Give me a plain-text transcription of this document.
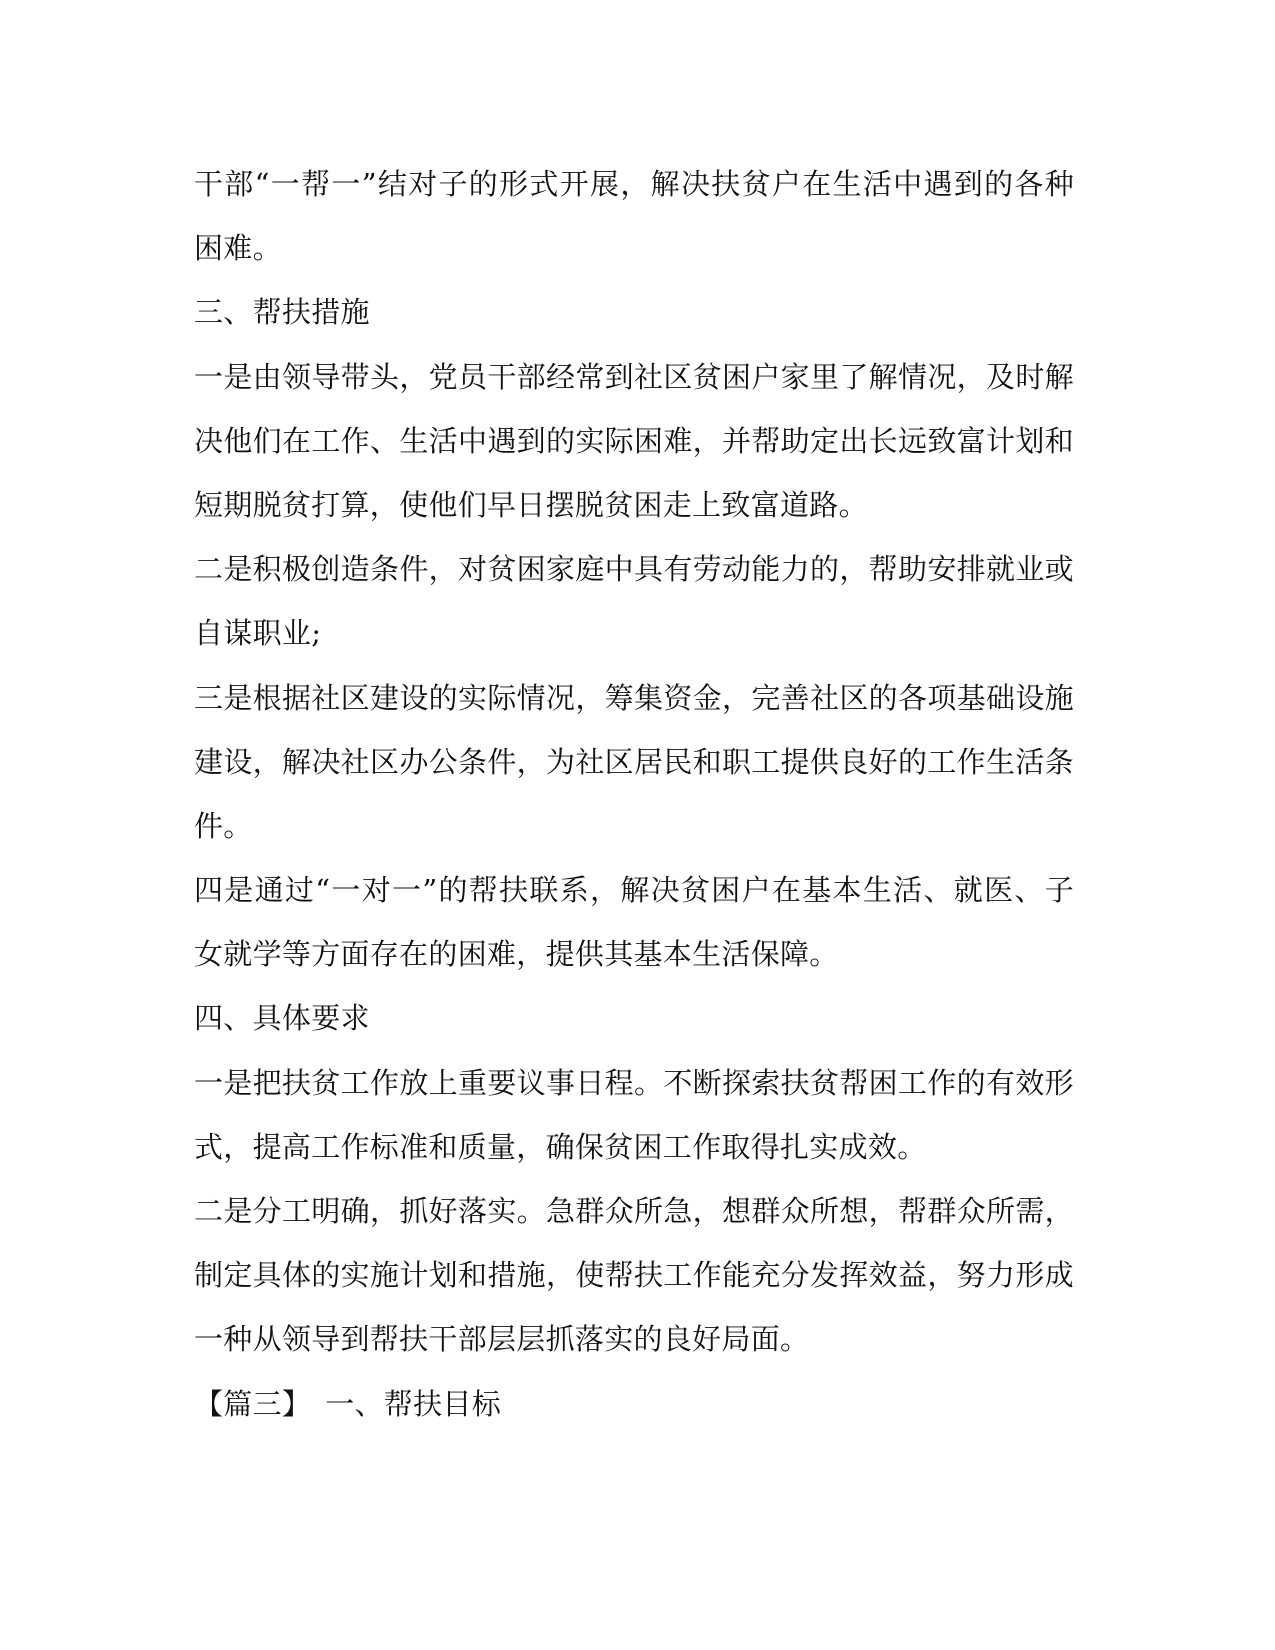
干部“一帮一”结对子的形式开展，解决扶贫户在生活中遇到的各种
困难。
三、帮扶措施
一是由领导带头，党员干部经常到社区贫困户家里了解情况，及时解
决他们在工作、生活中遇到的实际困难，并帮助定出长远致富计划和
短期脱贫打算，使他们早日摆脱贫困走上致富道路。
二是积极创造条件，对贫困家庭中具有劳动能力的，帮助安排就业或
自谋职业;
三是根据社区建设的实际情况，筹集资金，完善社区的各项基础设施
建设，解决社区办公条件，为社区居民和职工提供良好的工作生活条
件。
四是通过“一对一”的帮扶联系，解决贫困户在基本生活、就医、子
女就学等方面存在的困难，提供其基本生活保障。
四、具体要求
一是把扶贫工作放上重要议事日程。不断探索扶贫帮困工作的有效形
式，提高工作标准和质量，确保贫困工作取得扎实成效。
二是分工明确，抓好落实。急群众所急，想群众所想，帮群众所需，
制定具体的实施计划和措施，使帮扶工作能充分发挥效益，努力形成
一种从领导到帮扶干部层层抓落实的良好局面。
【篇三】 一、帮扶目标
